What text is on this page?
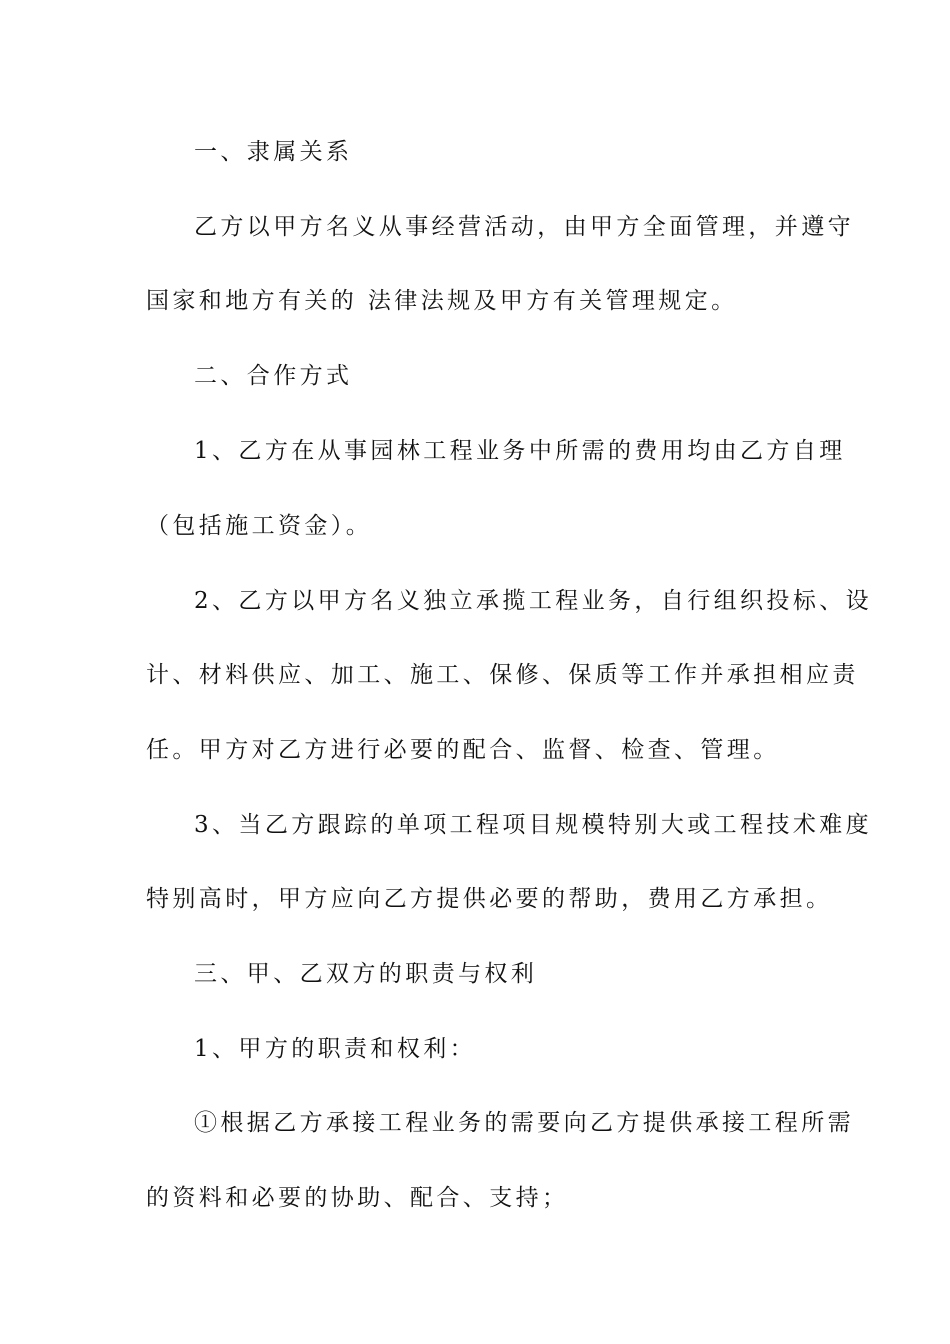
一、隶属关系
乙方以甲方名义从事经营活动，由甲方全面管理，并遵守
国家和地方有关的 法律法规及甲方有关管理规定。
二、合作方式
1、乙方在从事园林工程业务中所需的费用均由乙方自理
（包括施工资金）。
2、乙方以甲方名义独立承揽工程业务，自行组织投标、设
计、材料供应、加工、施工、保修、保质等工作并承担相应责
任。甲方对乙方进行必要的配合、监督、检查、管理。
3、当乙方跟踪的单项工程项目规模特别大或工程技术难度
特别高时，甲方应向乙方提供必要的帮助，费用乙方承担。
三、甲、乙双方的职责与权利
1、甲方的职责和权利：
①根据乙方承接工程业务的需要向乙方提供承接工程所需
的资料和必要的协助、配合、支持；
